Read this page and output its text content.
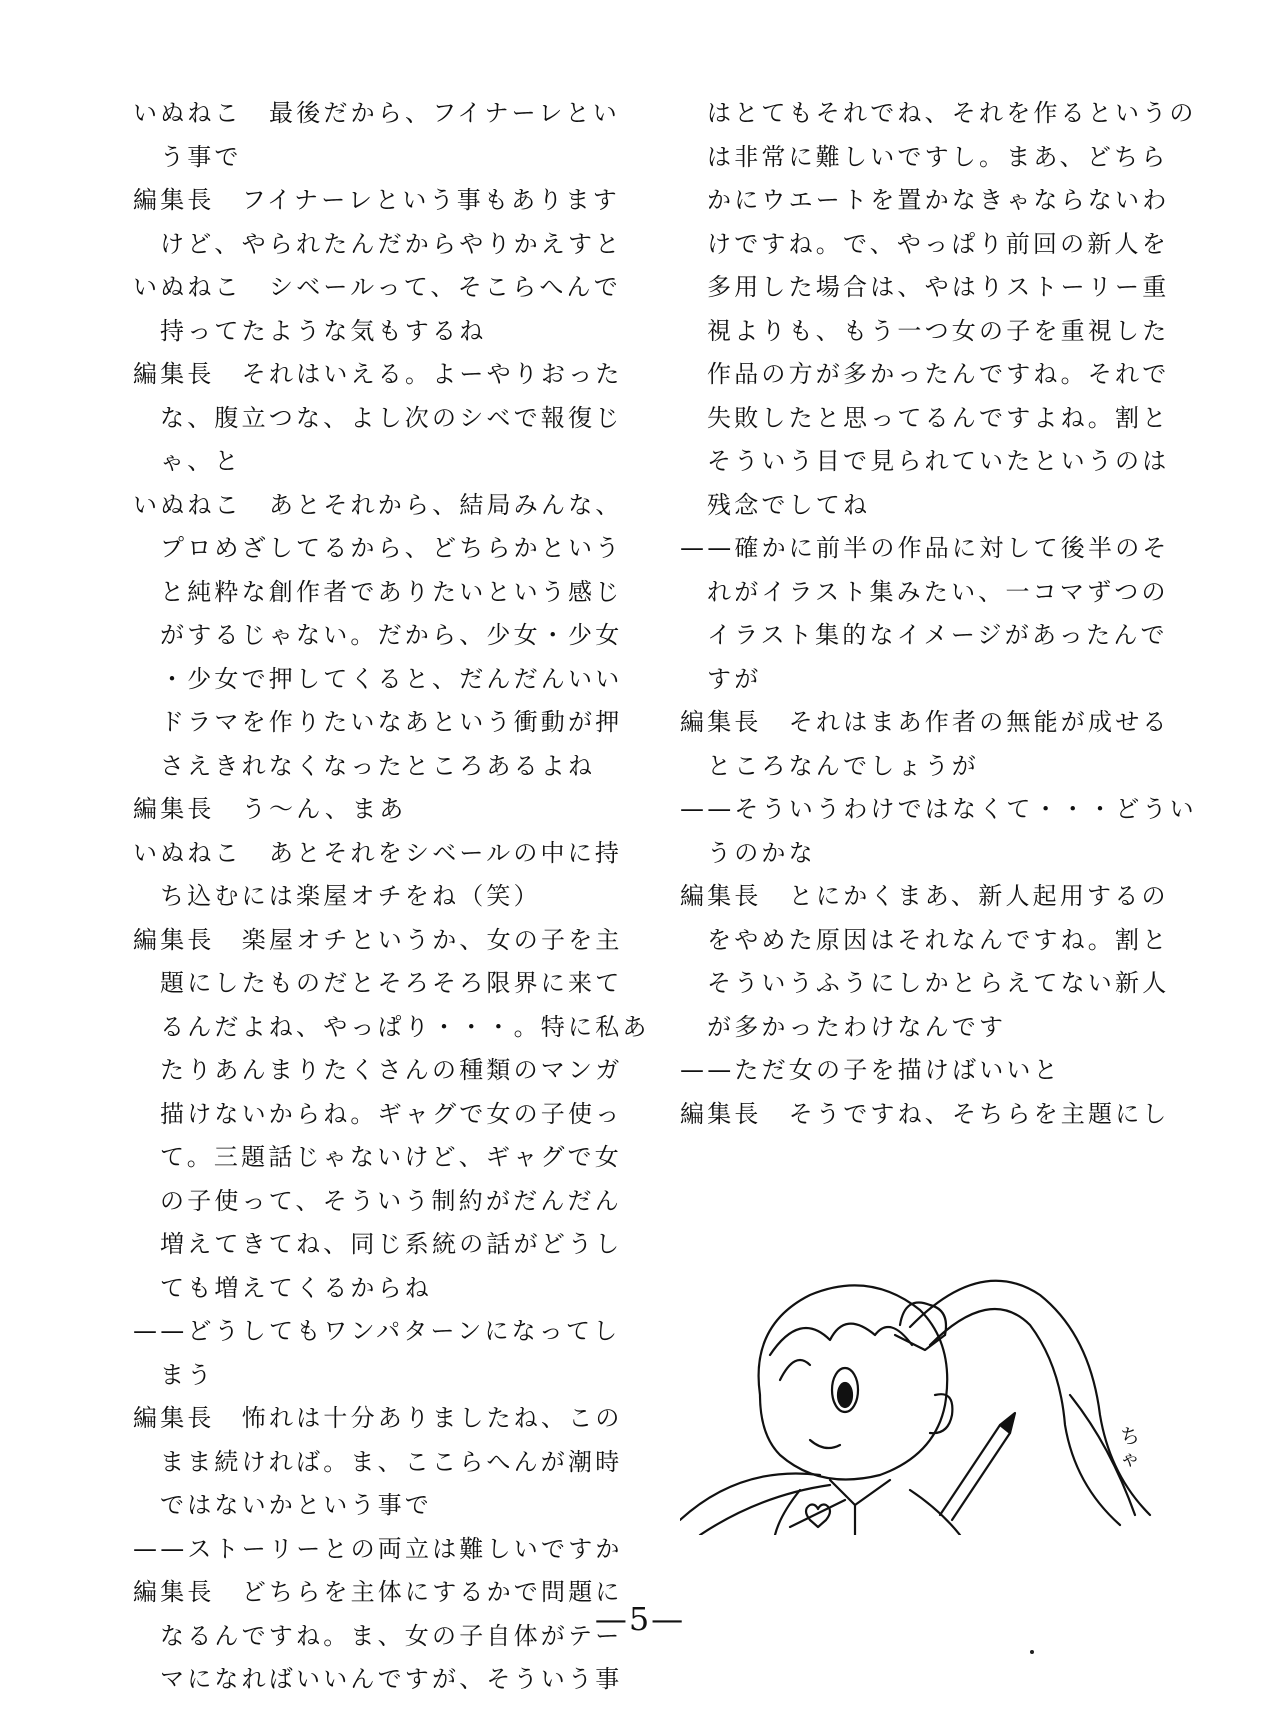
いぬねこ　最後だから、フイナーレとい
う事で
編集長　フイナーレという事もあります
けど、やられたんだからやりかえすと
いぬねこ　シベールって、そこらへんで
持ってたような気もするね
編集長　それはいえる。よーやりおった
な、腹立つな、よし次のシベで報復じ
ゃ、と
いぬねこ　あとそれから、結局みんな、
プロめざしてるから、どちらかという
と純粋な創作者でありたいという感じ
がするじゃない。だから、少女・少女
・少女で押してくると、だんだんいい
ドラマを作りたいなあという衝動が押
さえきれなくなったところあるよね
編集長　う〜ん、まあ
いぬねこ　あとそれをシベールの中に持
ち込むには楽屋オチをね（笑）
編集長　楽屋オチというか、女の子を主
題にしたものだとそろそろ限界に来て
るんだよね、やっぱり・・・。特に私あ
たりあんまりたくさんの種類のマンガ
描けないからね。ギャグで女の子使っ
て。三題話じゃないけど、ギャグで女
の子使って、そういう制約がだんだん
増えてきてね、同じ系統の話がどうし
ても増えてくるからね
——どうしてもワンパターンになってし
まう
編集長　怖れは十分ありましたね、この
まま続ければ。ま、ここらへんが潮時
ではないかという事で
——ストーリーとの両立は難しいですか
編集長　どちらを主体にするかで問題に
なるんですね。ま、女の子自体がテー
マになればいいんですが、そういう事
はとてもそれでね、それを作るというの
は非常に難しいですし。まあ、どちら
かにウエートを置かなきゃならないわ
けですね。で、やっぱり前回の新人を
多用した場合は、やはりストーリー重
視よりも、もう一つ女の子を重視した
作品の方が多かったんですね。それで
失敗したと思ってるんですよね。割と
そういう目で見られていたというのは
残念でしてね
——確かに前半の作品に対して後半のそ
れがイラスト集みたい、一コマずつの
イラスト集的なイメージがあったんで
すが
編集長　それはまあ作者の無能が成せる
ところなんでしょうが
——そういうわけではなくて・・・どうい
うのかな
編集長　とにかくまあ、新人起用するの
をやめた原因はそれなんですね。割と
そういうふうにしかとらえてない新人
が多かったわけなんです
——ただ女の子を描けばいいと
編集長　そうですね、そちらを主題にし
ちゃ
—5—
